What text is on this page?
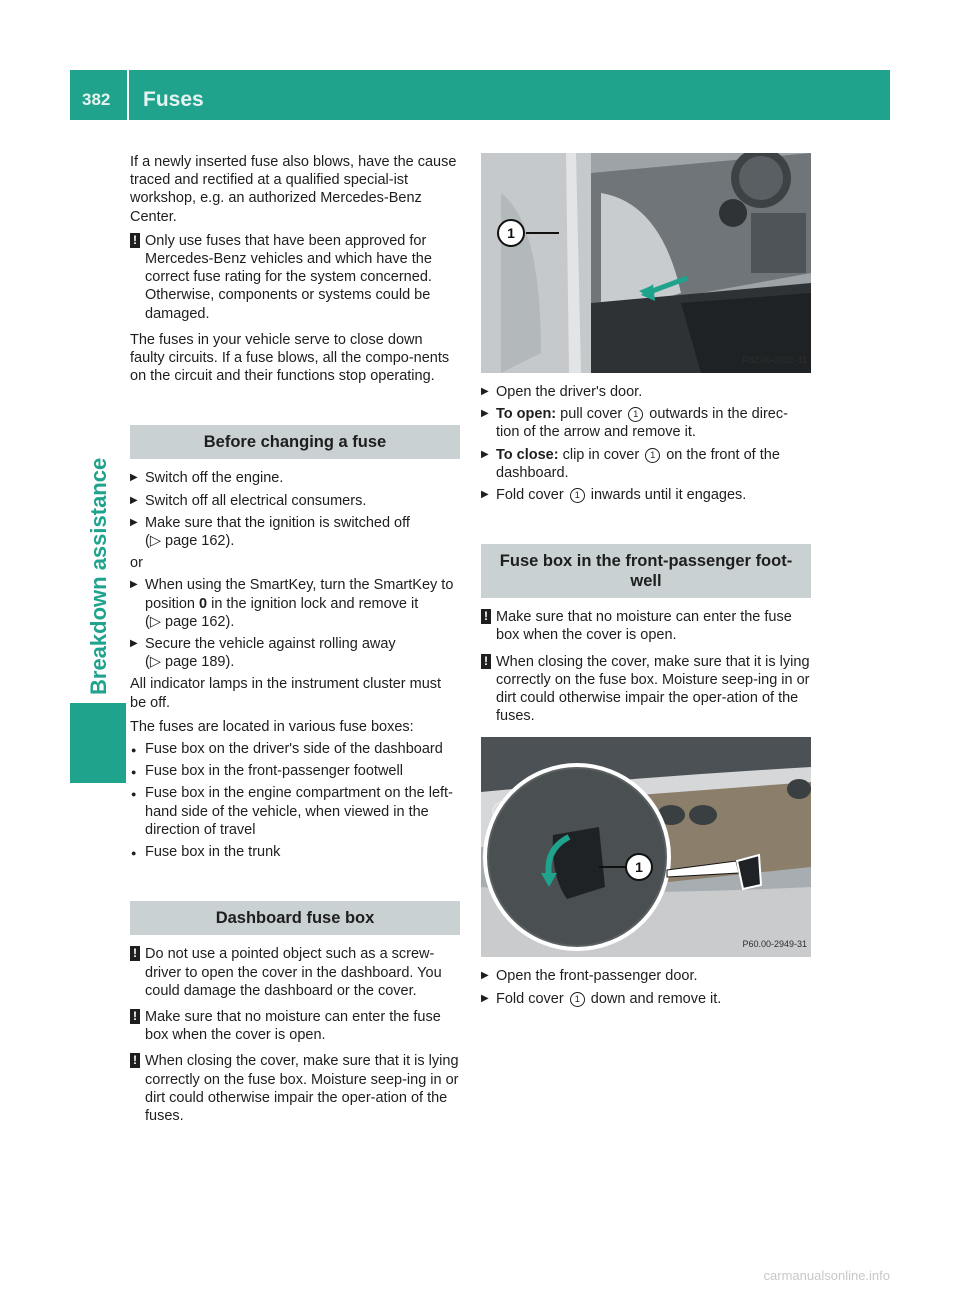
382 Fuses
Breakdown assistance

If a newly inserted fuse also blows, have the cause traced and rectified at a qualified special-ist workshop, e.g. an authorized Mercedes-Benz Center.

! Only use fuses that have been approved for Mercedes-Benz vehicles and which have the correct fuse rating for the system concerned. Otherwise, components or systems could be damaged.

The fuses in your vehicle serve to close down faulty circuits. If a fuse blows, all the compo-nents on the circuit and their functions stop operating.

Before changing a fuse
▶ Switch off the engine.
▶ Switch off all electrical consumers.
▶ Make sure that the ignition is switched off
(▷ page 162).

or

▶ When using the SmartKey, turn the SmartKey to position 0 in the ignition lock and remove it
(▷ page 162).
▶ Secure the vehicle against rolling away
(▷ page 189).

All indicator lamps in the instrument cluster must be off.

The fuses are located in various fuse boxes:

● Fuse box on the driver's side of the dashboard
● Fuse box in the front-passenger footwell
● Fuse box in the engine compartment on the left-hand side of the vehicle, when viewed in the direction of travel
● Fuse box in the trunk
Dashboard fuse box
! Do not use a pointed object such as a screw-driver to open the cover in the dashboard. You could damage the dashboard or the cover.
! Make sure that no moisture can enter the fuse box when the cover is open.
! When closing the cover, make sure that it is lying correctly on the fuse box. Moisture seep-ing in or dirt could otherwise impair the oper-ation of the fuses.
1
P82.00-2902-31
▶ Open the driver's door.
▶ To open: pull cover 1 outwards in the direc-tion of the arrow and remove it.
▶ To close: clip in cover 1 on the front of the dashboard.
▶ Fold cover 1 inwards until it engages.
Fuse box in the front-passenger foot-well
! Make sure that no moisture can enter the fuse box when the cover is open.
! When closing the cover, make sure that it is lying correctly on the fuse box. Moisture seep-ing in or dirt could otherwise impair the oper-ation of the fuses.
1
P60.00-2949-31
▶ Open the front-passenger door.
▶ Fold cover 1 down and remove it.
carmanualsonline.info
